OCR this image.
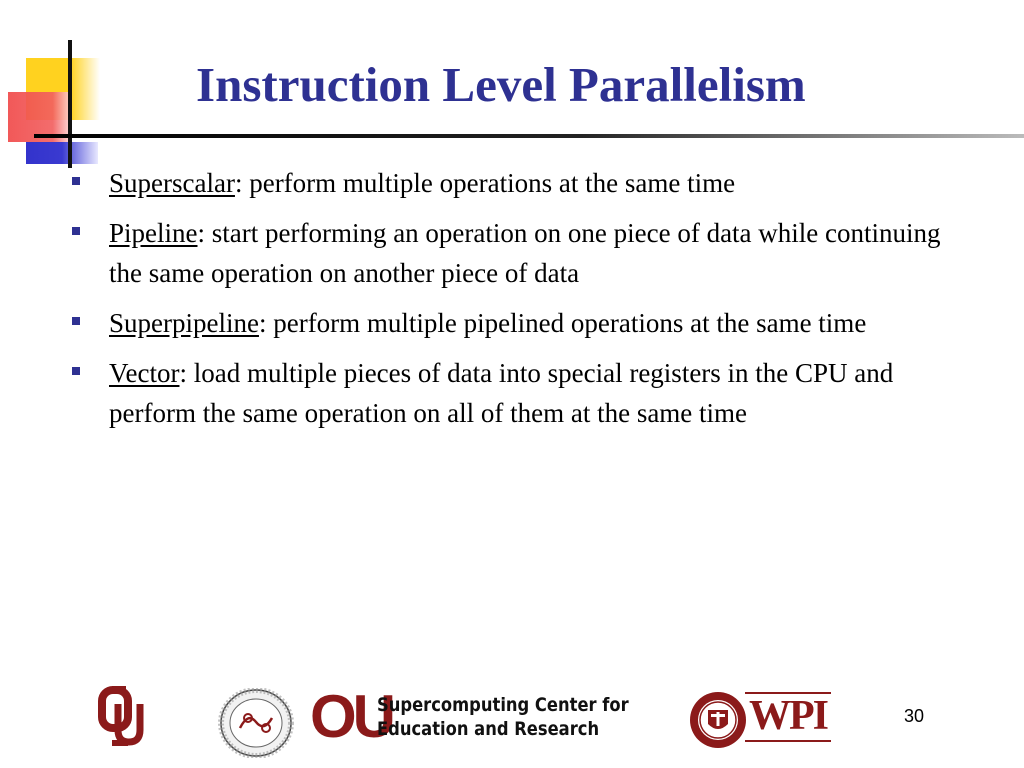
Instruction Level Parallelism
Superscalar: perform multiple operations at the same time
Pipeline: start performing an operation on one piece of data while continuing the same operation on another piece of data
Superpipeline: perform multiple pipelined operations at the same time
Vector: load multiple pieces of data into special registers in the CPU and perform the same operation on all of them at the same time
OU
Supercomputing Center for
Education and Research	WPI	30
